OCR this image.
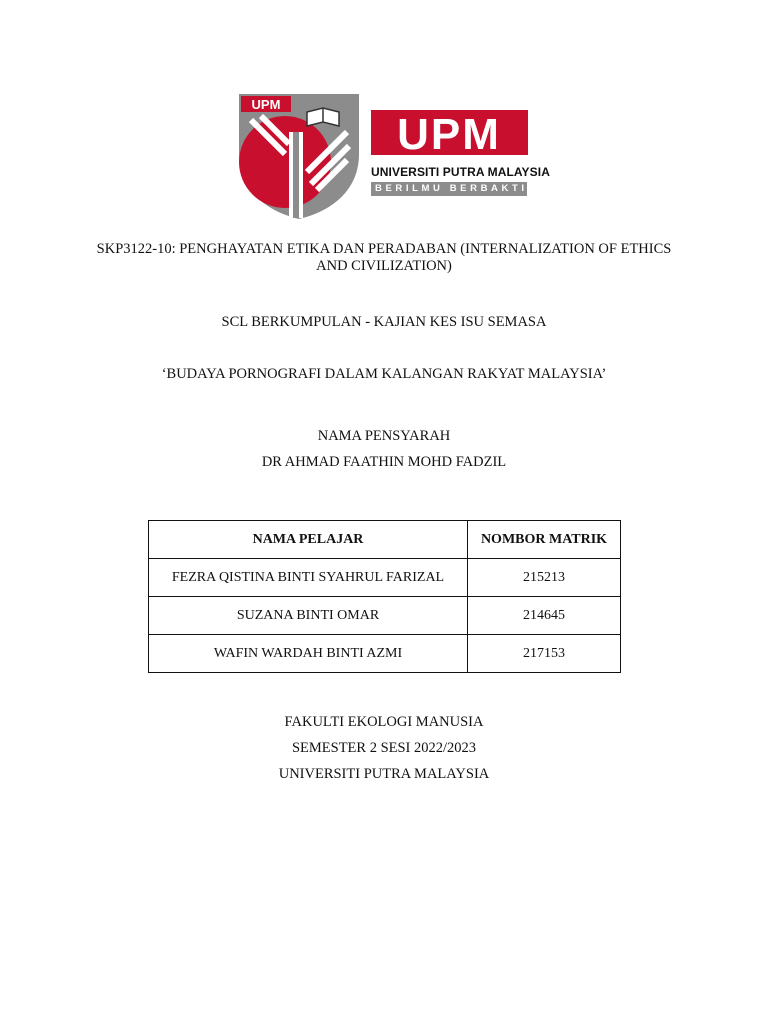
UPM
UPM
UNIVERSITI PUTRA MALAYSIA
BERILMU BERBAKTI
SKP3122-10: PENGHAYATAN ETIKA DAN PERADABAN (INTERNALIZATION OF ETHICS AND CIVILIZATION)
SCL BERKUMPULAN - KAJIAN KES ISU SEMASA
‘BUDAYA PORNOGRAFI DALAM KALANGAN RAKYAT MALAYSIA’
NAMA PENSYARAH
DR AHMAD FAATHIN MOHD FADZIL
NAMA PELAJAR	NOMBOR MATRIK
FEZRA QISTINA BINTI SYAHRUL FARIZAL	215213
SUZANA BINTI OMAR	214645
WAFIN WARDAH BINTI AZMI	217153
FAKULTI EKOLOGI MANUSIA
SEMESTER 2 SESI 2022/2023
UNIVERSITI PUTRA MALAYSIA
